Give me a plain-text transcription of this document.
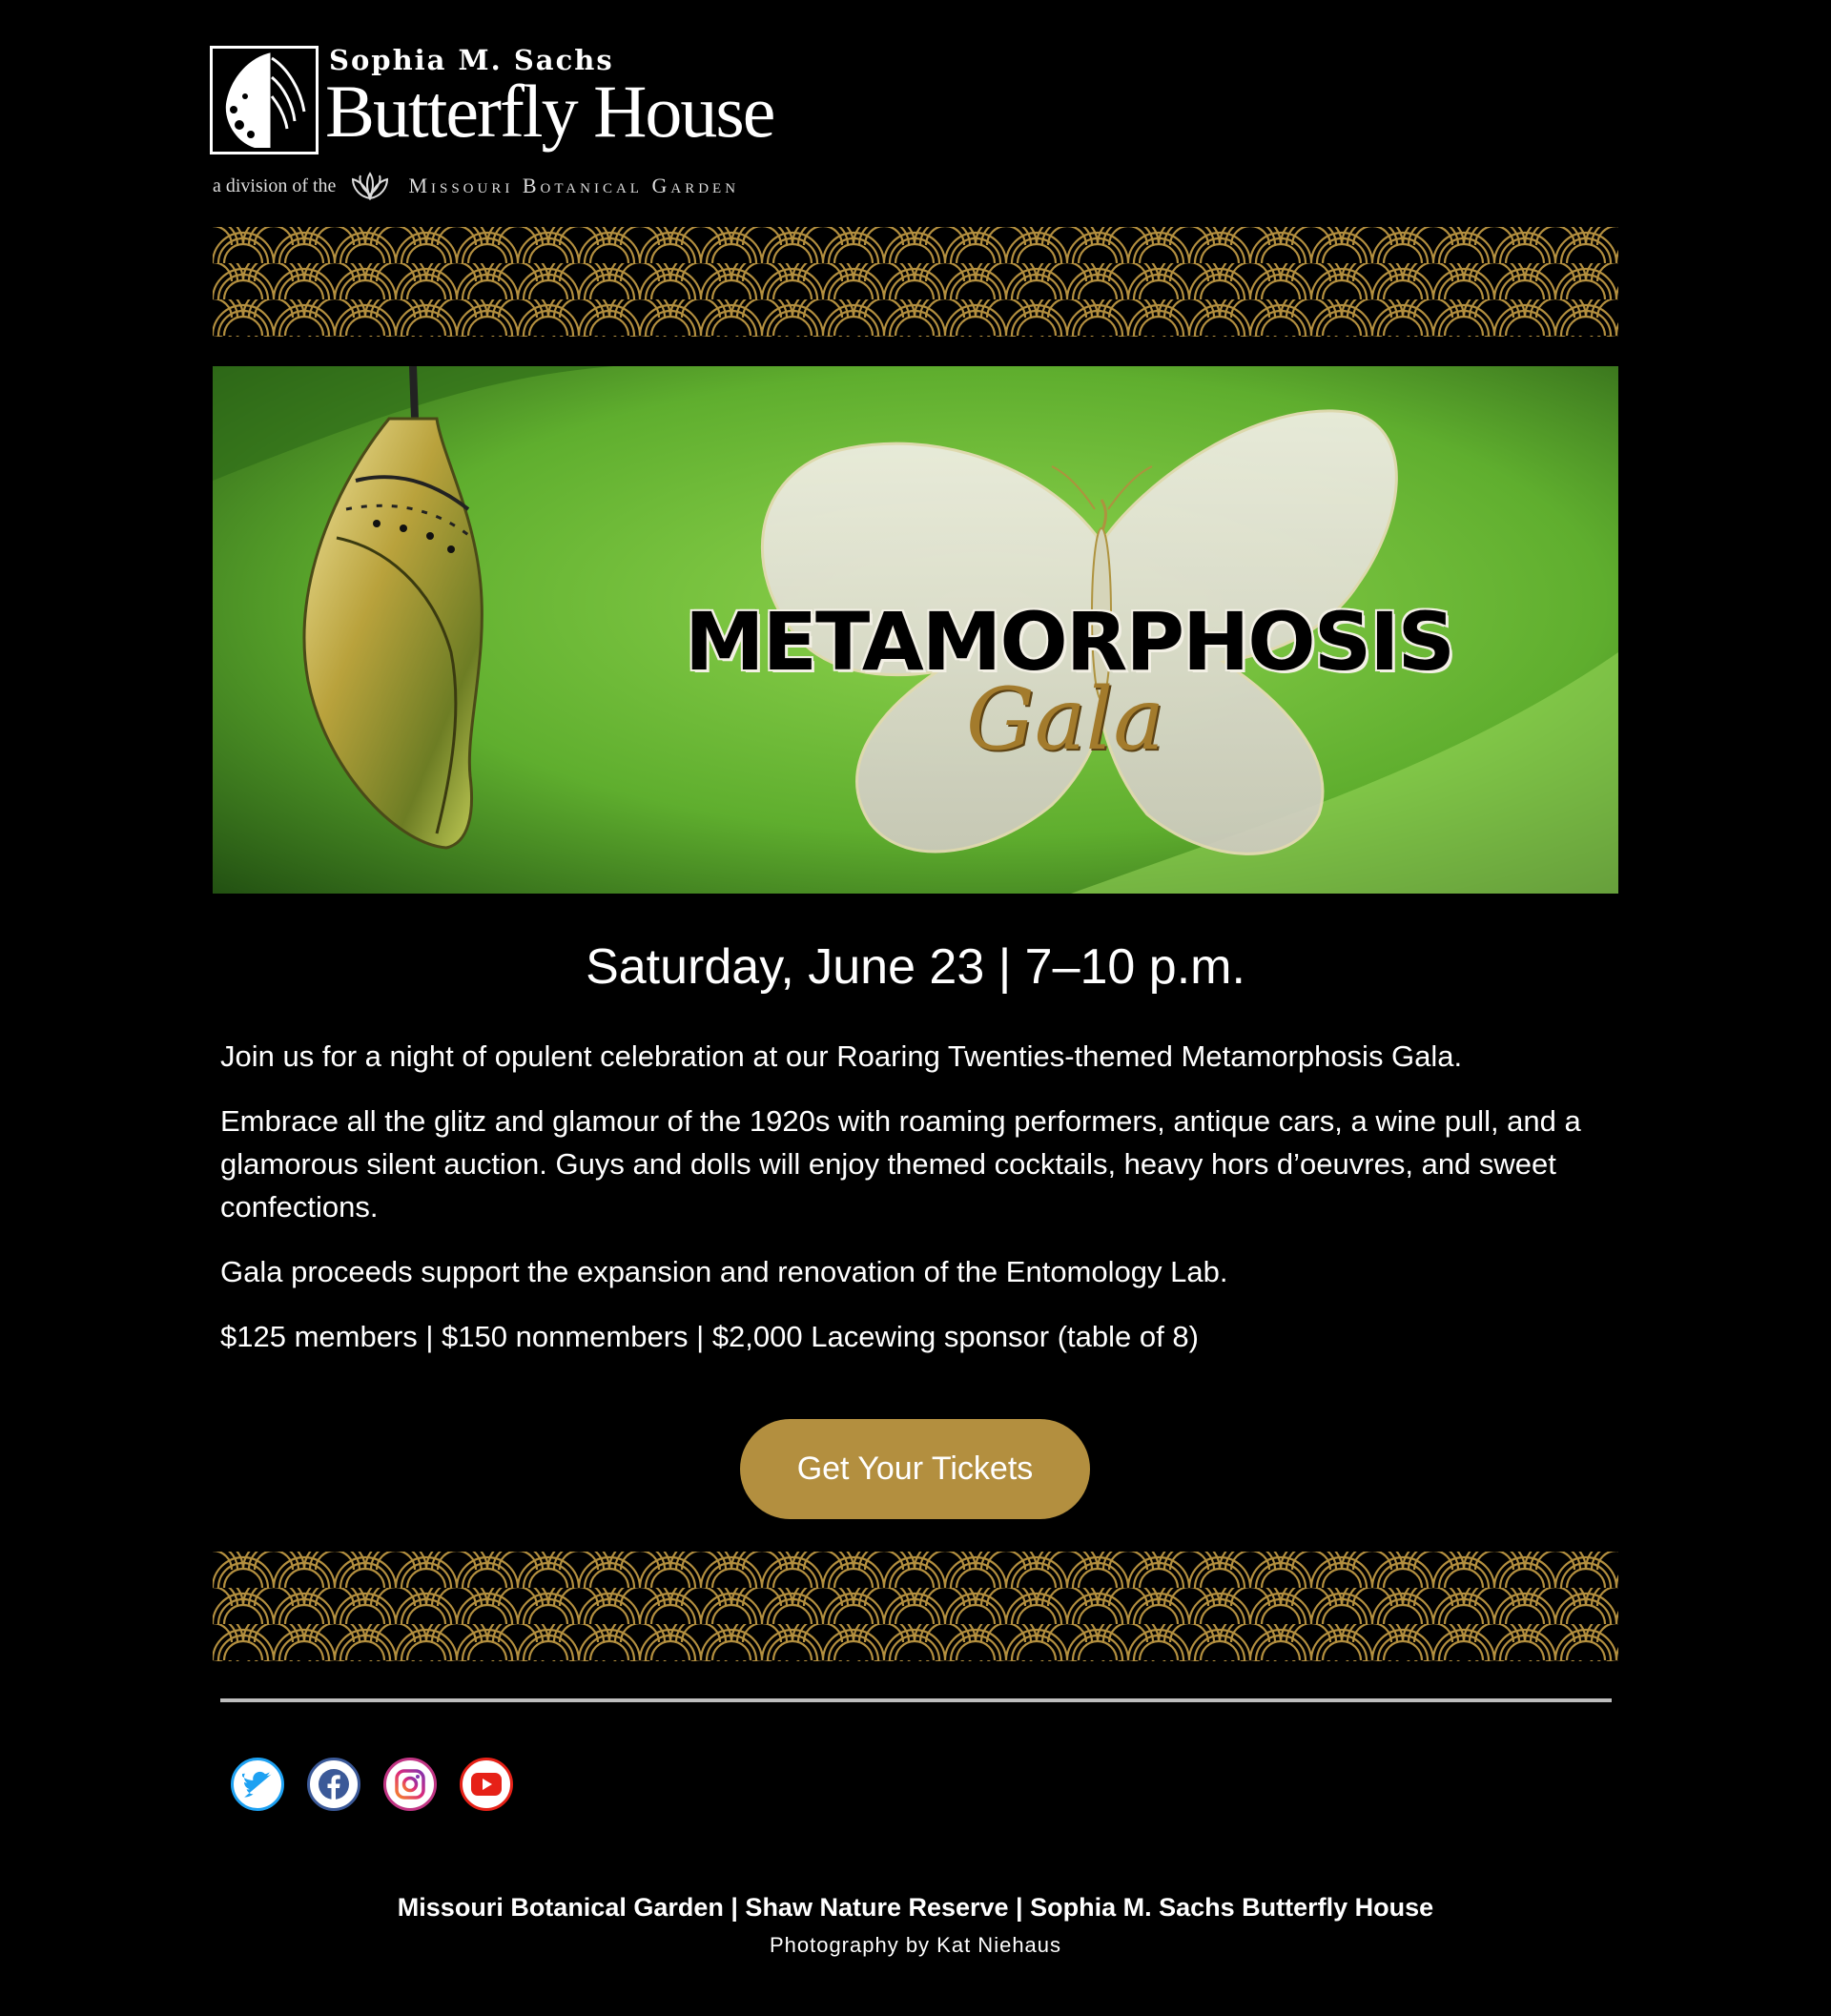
Sophia M. Sachs
Butterfly House
a division of the	Missouri Botanical Garden
METAMORPHOSIS
Gala
Saturday, June 23 | 7–10 p.m.

Join us for a night of opulent celebration at our Roaring Twenties-themed Metamorphosis Gala.

Embrace all the glitz and glamour of the 1920s with roaming performers, antique cars, a wine pull, and a glamorous silent auction. Guys and dolls will enjoy themed cocktails, heavy hors d’oeuvres, and sweet confections.

Gala proceeds support the expansion and renovation of the Entomology Lab.

$125 members | $150 nonmembers | $2,000 Lacewing sponsor (table of 8)

Get Your Tickets
Missouri Botanical Garden | Shaw Nature Reserve | Sophia M. Sachs Butterfly House
Photography by Kat Niehaus
